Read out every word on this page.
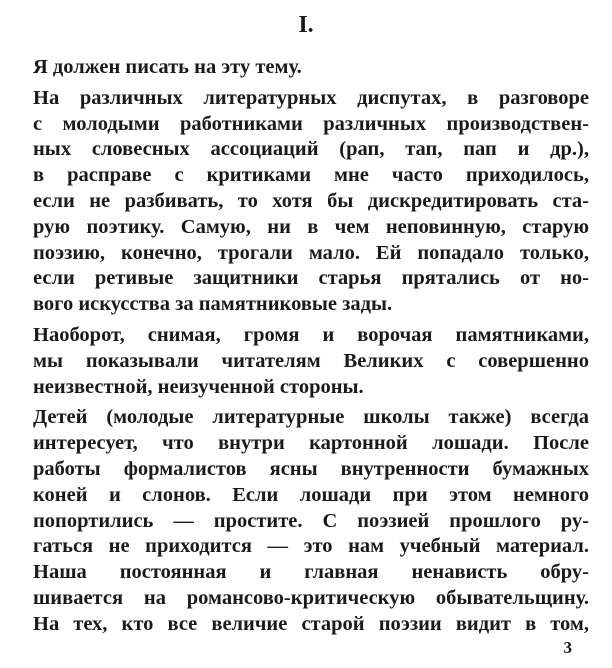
I.

Я должен писать на эту тему.

На различных литературных диспутах, в разговоре
с молодыми работниками различных производствен-
ных словесных ассоциаций (рап, тап, пап и др.),
в расправе с критиками мне часто приходилось,
если не разбивать, то хотя бы дискредитировать ста-
рую поэтику. Самую, ни в чем неповинную, старую
поэзию, конечно, трогали мало. Ей попадало только,
если ретивые защитники старья прятались от но-
вого искусства за памятниковые зады.

Наоборот, снимая, громя и ворочая памятниками,
мы показывали читателям Великих с совершенно
неизвестной, неизученной стороны.

Детей (молодые литературные школы также) всегда
интересует, что внутри картонной лошади. После
работы формалистов ясны внутренности бумажных
коней и слонов. Если лошади при этом немного
попортились — простите. С поэзией прошлого ру-
гаться не приходится — это нам учебный материал.
Наша постоянная и главная ненависть обру-
шивается на романсово-критическую обывательщину.
На тех, кто все величие старой поэзии видит в том,

3
